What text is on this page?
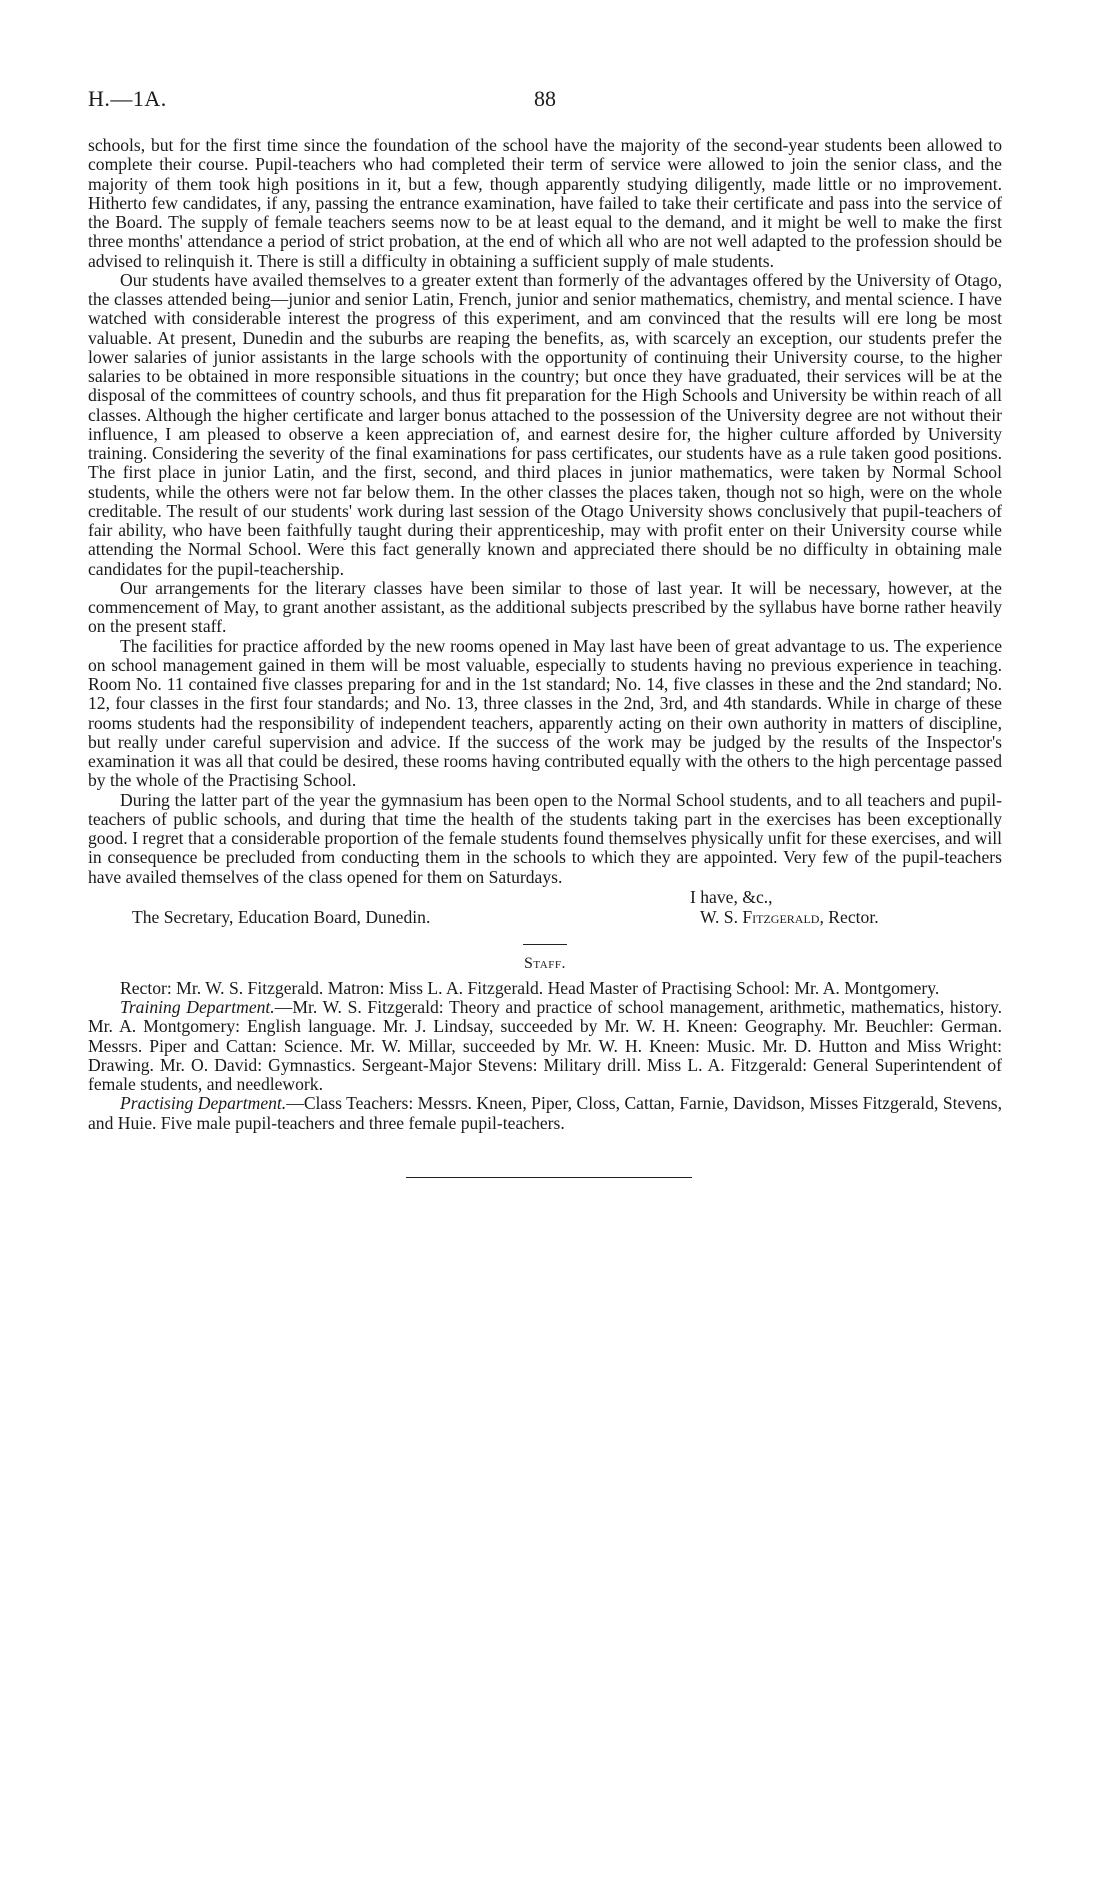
H.—1A.	88

schools, but for the first time since the foundation of the school have the majority of the second-year students been allowed to complete their course. Pupil-teachers who had completed their term of service were allowed to join the senior class, and the majority of them took high positions in it, but a few, though apparently studying diligently, made little or no improvement. Hitherto few candidates, if any, passing the entrance examination, have failed to take their certificate and pass into the service of the Board. The supply of female teachers seems now to be at least equal to the demand, and it might be well to make the first three months' attendance a period of strict probation, at the end of which all who are not well adapted to the profession should be advised to relinquish it. There is still a difficulty in obtaining a sufficient supply of male students.

Our students have availed themselves to a greater extent than formerly of the advantages offered by the University of Otago, the classes attended being—junior and senior Latin, French, junior and senior mathematics, chemistry, and mental science. I have watched with considerable interest the progress of this experiment, and am convinced that the results will ere long be most valuable. At present, Dunedin and the suburbs are reaping the benefits, as, with scarcely an exception, our students prefer the lower salaries of junior assistants in the large schools with the opportunity of continuing their University course, to the higher salaries to be obtained in more responsible situations in the country; but once they have graduated, their services will be at the disposal of the committees of country schools, and thus fit preparation for the High Schools and University be within reach of all classes. Although the higher certificate and larger bonus attached to the possession of the University degree are not without their influence, I am pleased to observe a keen appreciation of, and earnest desire for, the higher culture afforded by University training. Considering the severity of the final examinations for pass certificates, our students have as a rule taken good positions. The first place in junior Latin, and the first, second, and third places in junior mathematics, were taken by Normal School students, while the others were not far below them. In the other classes the places taken, though not so high, were on the whole creditable. The result of our students' work during last session of the Otago University shows conclusively that pupil-teachers of fair ability, who have been faithfully taught during their apprenticeship, may with profit enter on their University course while attending the Normal School. Were this fact generally known and appreciated there should be no difficulty in obtaining male candidates for the pupil-teachership.

Our arrangements for the literary classes have been similar to those of last year. It will be necessary, however, at the commencement of May, to grant another assistant, as the additional subjects prescribed by the syllabus have borne rather heavily on the present staff.

The facilities for practice afforded by the new rooms opened in May last have been of great advantage to us. The experience on school management gained in them will be most valuable, especially to students having no previous experience in teaching. Room No. 11 contained five classes preparing for and in the 1st standard; No. 14, five classes in these and the 2nd standard; No. 12, four classes in the first four standards; and No. 13, three classes in the 2nd, 3rd, and 4th standards. While in charge of these rooms students had the responsibility of independent teachers, apparently acting on their own authority in matters of discipline, but really under careful supervision and advice. If the success of the work may be judged by the results of the Inspector's examination it was all that could be desired, these rooms having contributed equally with the others to the high percentage passed by the whole of the Practising School.

During the latter part of the year the gymnasium has been open to the Normal School students, and to all teachers and pupil-teachers of public schools, and during that time the health of the students taking part in the exercises has been exceptionally good. I regret that a considerable proportion of the female students found themselves physically unfit for these exercises, and will in consequence be precluded from conducting them in the schools to which they are appointed. Very few of the pupil-teachers have availed themselves of the class opened for them on Saturdays.

I have, &c.,
The Secretary, Education Board, Dunedin.	W. S. Fitzgerald, Rector.
Staff.

Rector: Mr. W. S. Fitzgerald. Matron: Miss L. A. Fitzgerald. Head Master of Practising School: Mr. A. Montgomery.

Training Department.—Mr. W. S. Fitzgerald: Theory and practice of school management, arithmetic, mathematics, history. Mr. A. Montgomery: English language. Mr. J. Lindsay, succeeded by Mr. W. H. Kneen: Geography. Mr. Beuchler: German. Messrs. Piper and Cattan: Science. Mr. W. Millar, succeeded by Mr. W. H. Kneen: Music. Mr. D. Hutton and Miss Wright: Drawing. Mr. O. David: Gymnastics. Sergeant-Major Stevens: Military drill. Miss L. A. Fitzgerald: General Superintendent of female students, and needlework.

Practising Department.—Class Teachers: Messrs. Kneen, Piper, Closs, Cattan, Farnie, Davidson, Misses Fitzgerald, Stevens, and Huie. Five male pupil-teachers and three female pupil-teachers.
